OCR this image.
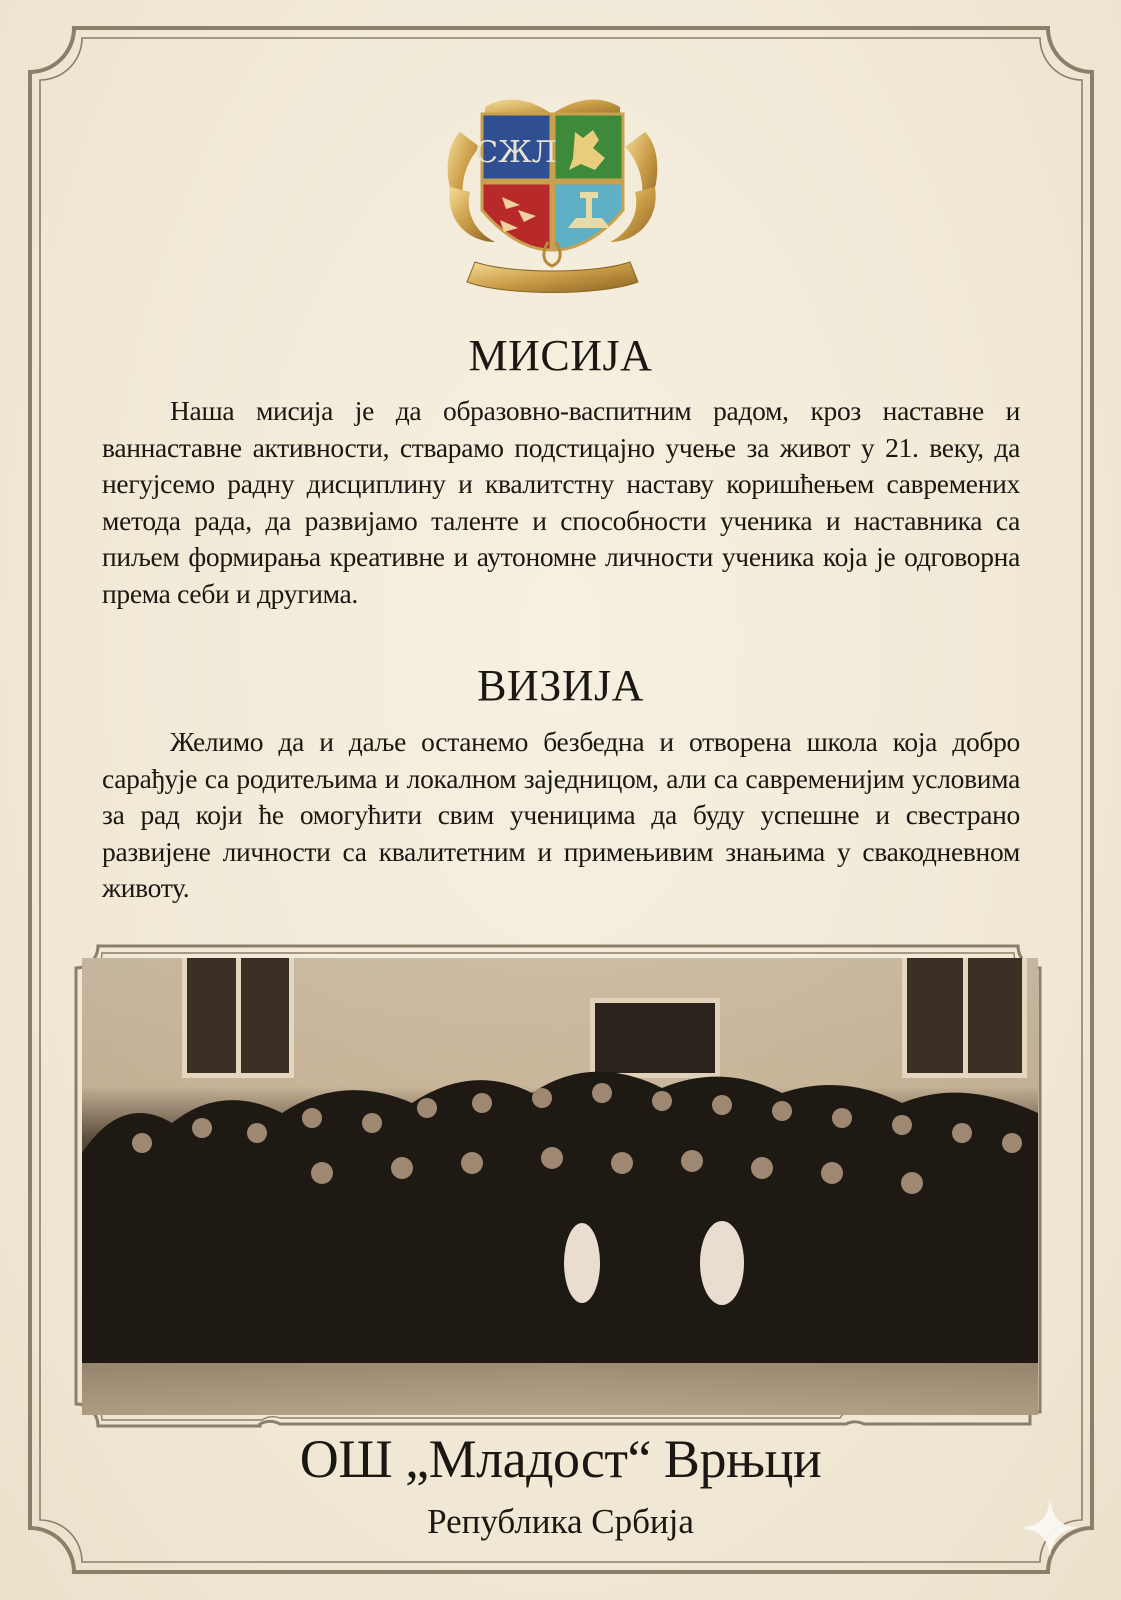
СЖЛ
МИСИЈА

Наша мисија је да образовно-васпитним радом, кроз наставне и ваннаставне активности, стварамо подстицајно учење за живот у 21. веку, да негујсемо радну дисциплину и квалитстну наставу коришћењем савремених метода рада, да развијамо таленте и способности ученика и наставника са пиљем формирања креативне и аутономне личности ученика која је одговорна према себи и другима.

ВИЗИЈА

Желимо да и даље останемо безбедна и отворена школа која добро сарађује са родитељима и локалном заједницом, али са савременијим условима за рад који ће омогућити свим ученицима да буду успешне и свестрано развијене личности са квалитетним и примењивим знањима у свакодневном животу.

ОШ „Младост“ Врњци

Република Србија
